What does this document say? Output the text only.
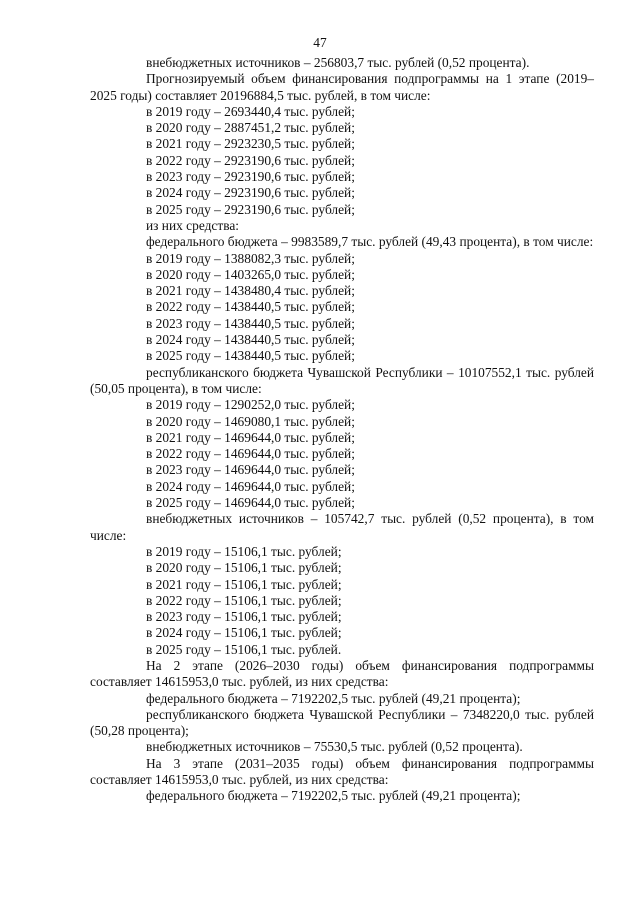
47
внебюджетных источников – 256803,7 тыс. рублей (0,52 процента).
Прогнозируемый объем финансирования подпрограммы на 1 этапе (2019–2025 годы) составляет 20196884,5 тыс. рублей, в том числе:
в 2019 году – 2693440,4 тыс. рублей;
в 2020 году – 2887451,2 тыс. рублей;
в 2021 году – 2923230,5 тыс. рублей;
в 2022 году – 2923190,6 тыс. рублей;
в 2023 году – 2923190,6 тыс. рублей;
в 2024 году – 2923190,6 тыс. рублей;
в 2025 году – 2923190,6 тыс. рублей;
из них средства:
федерального бюджета – 9983589,7 тыс. рублей (49,43 процента), в том числе:
в 2019 году – 1388082,3 тыс. рублей;
в 2020 году – 1403265,0 тыс. рублей;
в 2021 году – 1438480,4 тыс. рублей;
в 2022 году – 1438440,5 тыс. рублей;
в 2023 году – 1438440,5 тыс. рублей;
в 2024 году – 1438440,5 тыс. рублей;
в 2025 году – 1438440,5 тыс. рублей;
республиканского бюджета Чувашской Республики – 10107552,1 тыс. рублей (50,05 процента), в том числе:
в 2019 году – 1290252,0 тыс. рублей;
в 2020 году – 1469080,1 тыс. рублей;
в 2021 году – 1469644,0 тыс. рублей;
в 2022 году – 1469644,0 тыс. рублей;
в 2023 году – 1469644,0 тыс. рублей;
в 2024 году – 1469644,0 тыс. рублей;
в 2025 году – 1469644,0 тыс. рублей;
внебюджетных источников – 105742,7 тыс. рублей (0,52 процента), в том числе:
в 2019 году – 15106,1 тыс. рублей;
в 2020 году – 15106,1 тыс. рублей;
в 2021 году – 15106,1 тыс. рублей;
в 2022 году – 15106,1 тыс. рублей;
в 2023 году – 15106,1 тыс. рублей;
в 2024 году – 15106,1 тыс. рублей;
в 2025 году – 15106,1 тыс. рублей.
На 2 этапе (2026–2030 годы) объем финансирования подпрограммы составляет 14615953,0 тыс. рублей, из них средства:
федерального бюджета – 7192202,5 тыс. рублей (49,21 процента);
республиканского бюджета Чувашской Республики – 7348220,0 тыс. рублей (50,28 процента);
внебюджетных источников – 75530,5 тыс. рублей (0,52 процента).
На 3 этапе (2031–2035 годы) объем финансирования подпрограммы составляет 14615953,0 тыс. рублей, из них средства:
федерального бюджета – 7192202,5 тыс. рублей (49,21 процента);
